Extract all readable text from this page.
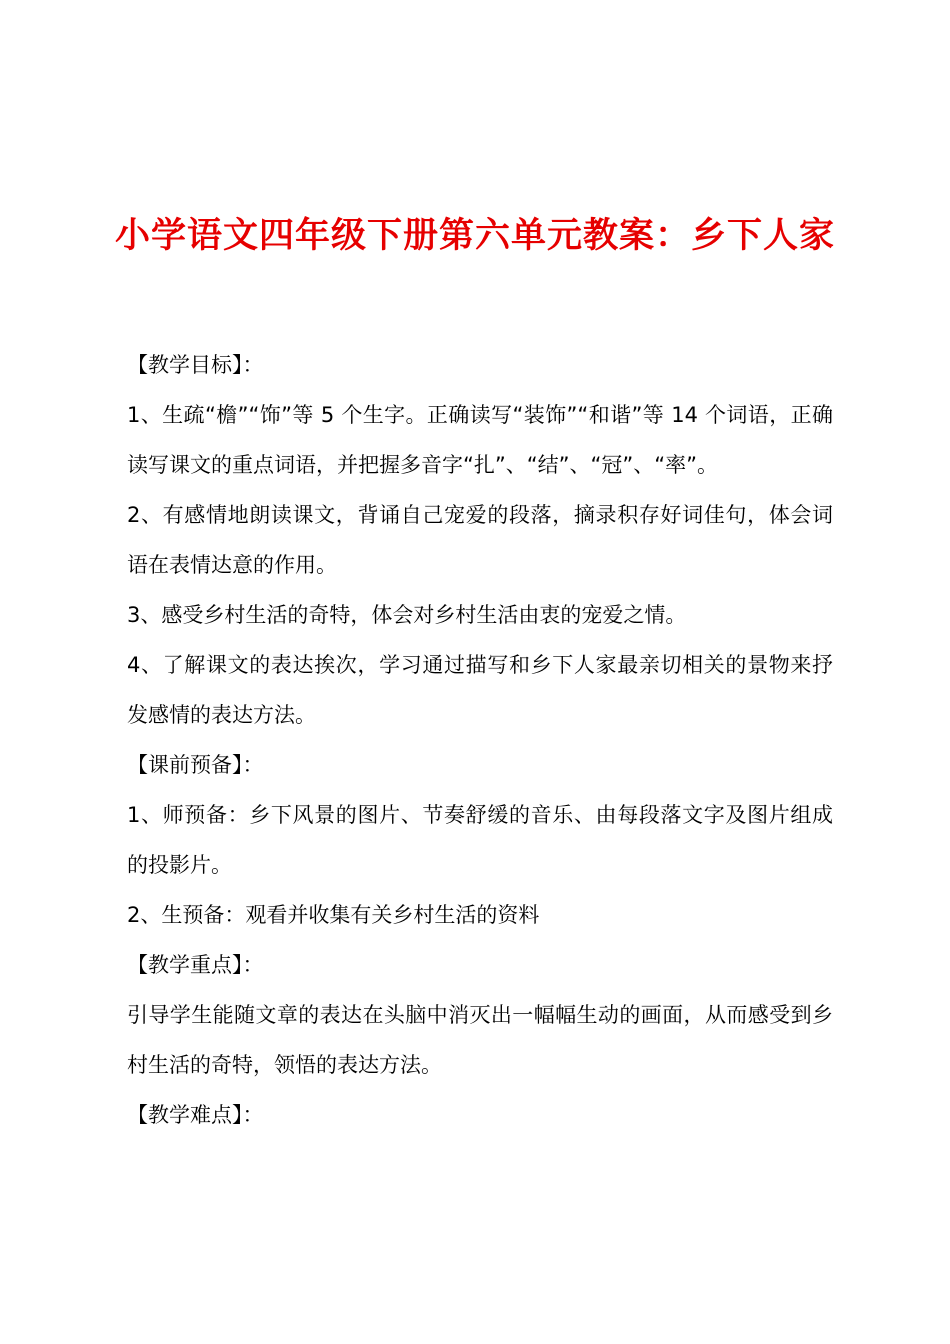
小学语文四年级下册第六单元教案：乡下人家

【教学目标】：

1、生疏“檐”“饰”等 5 个生字。正确读写“装饰”“和谐”等 14 个词语，正确读写课文的重点词语，并把握多音字“扎”、“结”、“冠”、“率”。

2、有感情地朗读课文，背诵自己宠爱的段落，摘录积存好词佳句，体会词语在表情达意的作用。

3、感受乡村生活的奇特，体会对乡村生活由衷的宠爱之情。

4、了解课文的表达挨次，学习通过描写和乡下人家最亲切相关的景物来抒发感情的表达方法。

【课前预备】：

1、师预备：乡下风景的图片、节奏舒缓的音乐、由每段落文字及图片组成的投影片。

2、生预备：观看并收集有关乡村生活的资料

【教学重点】：

引导学生能随文章的表达在头脑中消灭出一幅幅生动的画面，从而感受到乡村生活的奇特，领悟的表达方法。

【教学难点】：
